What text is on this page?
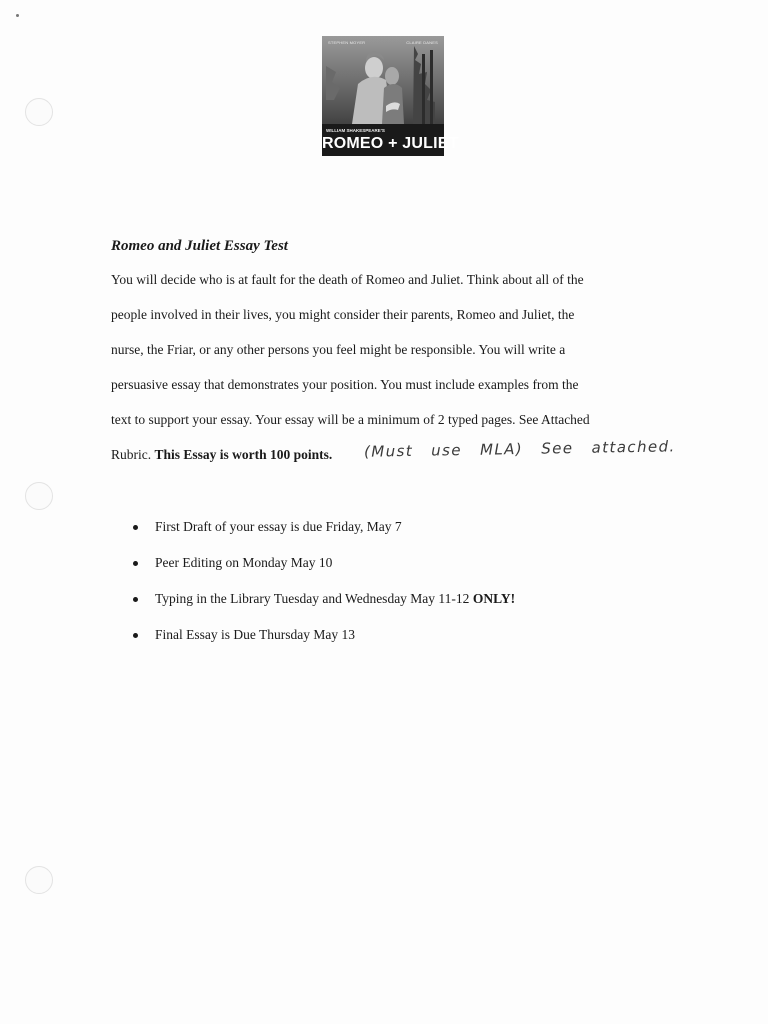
STEPHEN MOYER	CLAIRE DANES
WILLIAM SHAKESPEARE'S
ROMEO + JULIET
Romeo and Juliet Essay Test
You will decide who is at fault for the death of Romeo and Juliet. Think about all of the
people involved in their lives, you might consider their parents, Romeo and Juliet, the
nurse, the Friar, or any other persons you feel might be responsible. You will write a
persuasive essay that demonstrates your position. You must include examples from the
text to support your essay. Your essay will be a minimum of 2 typed pages. See Attached
Rubric. This Essay is worth 100 points. (Must use MLA) See attached.
First Draft of your essay is due Friday, May 7
Peer Editing on Monday May 10
Typing in the Library Tuesday and Wednesday May 11-12 ONLY!
Final Essay is Due Thursday May 13
